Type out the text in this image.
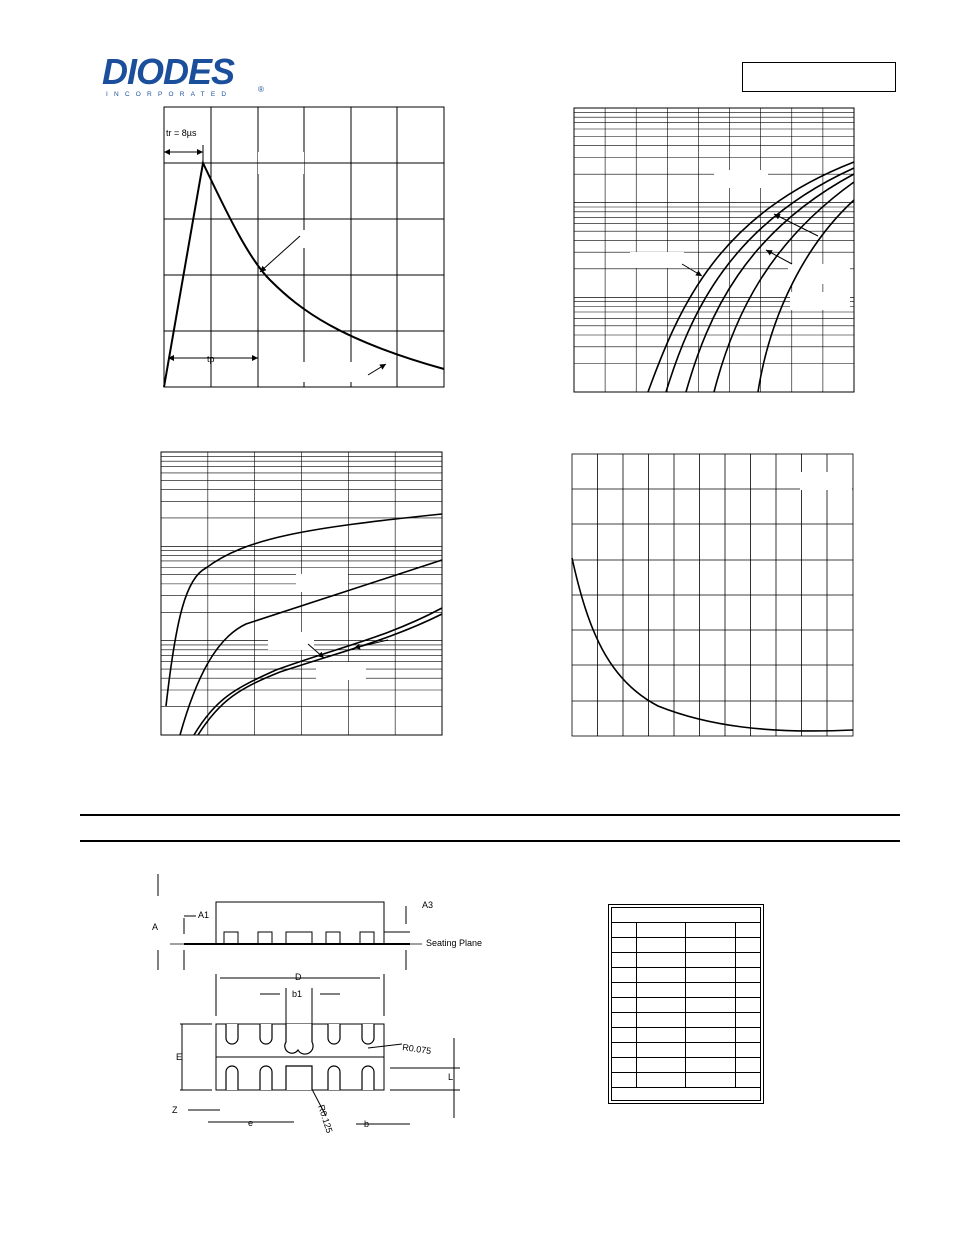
DIODES
INCORPORATED
®
tr = 8µs
tp
A
A1
A3
Seating Plane
D
b1
E
L
Z
e	b
R0.075
R0.125
